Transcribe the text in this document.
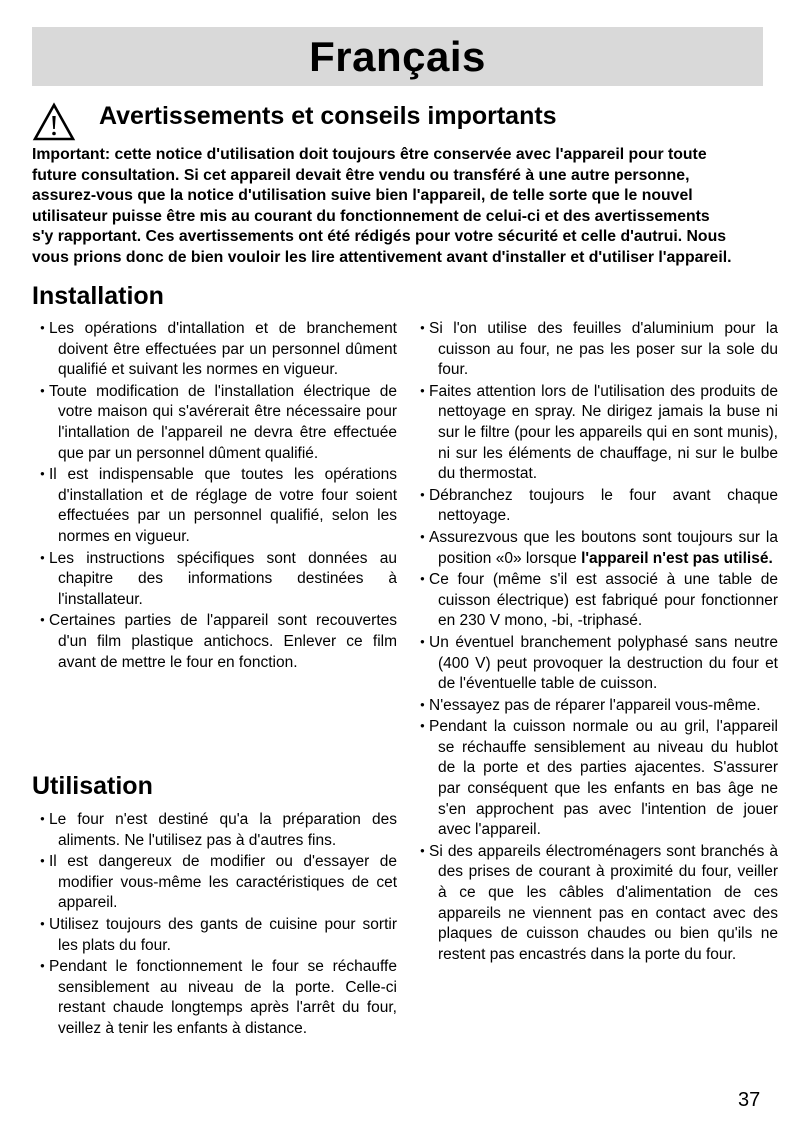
Français
Avertissements et conseils importants
Important: cette notice d'utilisation doit toujours être conservée avec l'appareil pour toute
future consultation. Si cet appareil devait être vendu ou transféré à une autre personne,
assurez-vous que la notice d'utilisation suive bien l'appareil, de telle sorte que le nouvel
utilisateur puisse être mis au courant du fonctionnement de celui-ci et des avertissements
s'y rapportant. Ces avertissements ont été rédigés pour votre sécurité et celle d'autrui. Nous
vous prions donc de bien vouloir les lire attentivement avant d'installer et d'utiliser l'appareil.
Installation
● Les opérations d'intallation et de branchement doivent être effectuées par un personnel dûment qualifié et suivant les normes en vigueur.
● Toute modification de l'installation électrique de votre maison qui s'avérerait être nécessaire pour l'intallation de l'appareil ne devra être effectuée que par un personnel dûment qualifié.
● Il est indispensable que toutes les opérations d'installation et de réglage de votre four soient effectuées par un personnel qualifié, selon les normes en vigueur.
● Les instructions spécifiques sont données au chapitre des informations destinées à l'installateur.
● Certaines parties de l'appareil sont recouvertes d'un film plastique antichocs. Enlever ce film avant de mettre le four en fonction.
Utilisation
● Le four n'est destiné qu'a la préparation des aliments. Ne l'utilisez pas à d'autres fins.
● Il est dangereux de modifier ou d'essayer de modifier vous-même les caractéristiques de cet appareil.
● Utilisez toujours des gants de cuisine pour sortir les plats du four.
● Pendant le fonctionnement le four se réchauffe sensiblement au niveau de la porte. Celle-ci restant chaude longtemps après l'arrêt du four, veillez à tenir les enfants à distance.
● Si l'on utilise des feuilles d'aluminium pour la cuisson au four, ne pas les poser sur la sole du four.
● Faites attention lors de l'utilisation des produits de nettoyage en spray. Ne dirigez jamais la buse ni sur le filtre (pour les appareils qui en sont munis), ni sur les éléments de chauffage, ni sur le bulbe du thermostat.
● Débranchez toujours le four avant chaque nettoyage.
● Assurezvous que les boutons sont toujours sur la position «0» lorsque l'appareil n'est pas utilisé.
● Ce four (même s'il est associé à une table de cuisson électrique) est fabriqué pour fonctionner en 230 V mono, -bi, -triphasé.
● Un éventuel branchement polyphasé sans neutre (400 V) peut provoquer la destruction du four et de l'éventuelle table de cuisson.
● N'essayez pas de réparer l'appareil vous-même.
● Pendant la cuisson normale ou au gril, l'appareil se réchauffe sensiblement au niveau du hublot de la porte et des parties ajacentes. S'assurer par conséquent que les enfants en bas âge ne s'en approchent pas avec l'intention de jouer avec l'appareil.
● Si des appareils électroménagers sont branchés à des prises de courant à proximité du four, veiller à ce que les câbles d'alimentation de ces appareils ne viennent pas en contact avec des plaques de cuisson chaudes ou bien qu'ils ne restent pas encastrés dans la porte du four.
37
